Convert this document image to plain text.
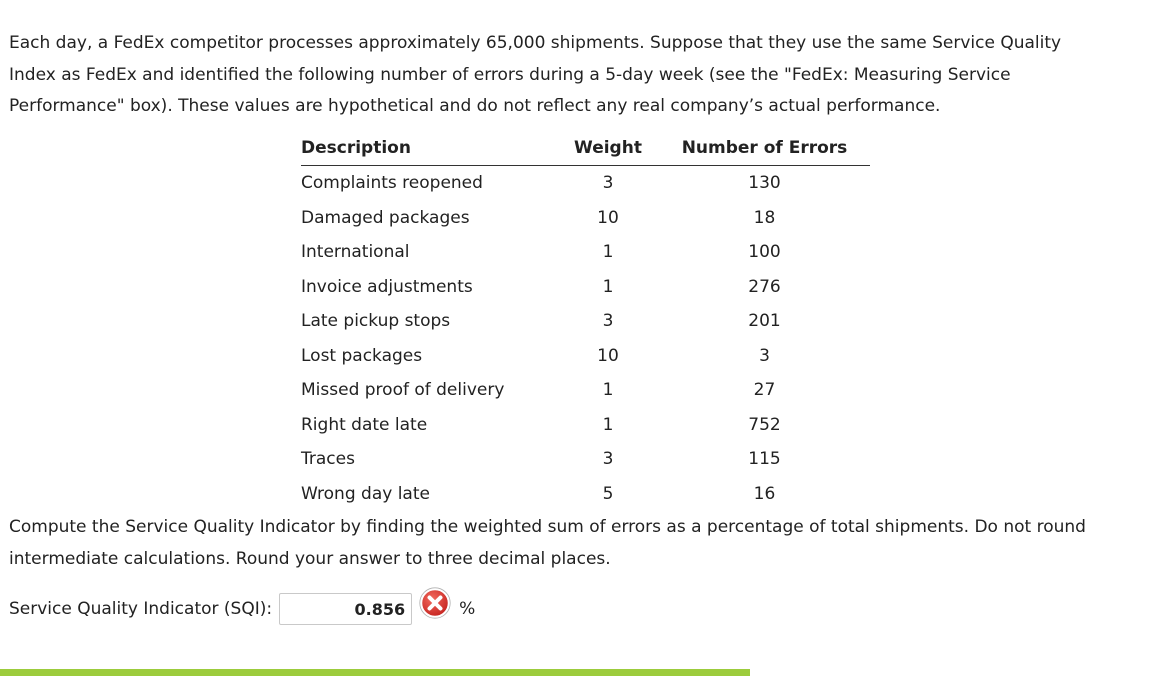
Each day, a FedEx competitor processes approximately 65,000 shipments. Suppose that they use the same Service Quality
Index as FedEx and identified the following number of errors during a 5-day week (see the "FedEx: Measuring Service
Performance" box). These values are hypothetical and do not reflect any real company’s actual performance.

Description	Weight	Number of Errors
Complaints reopened	3	130
Damaged packages	10	18
International	1	100
Invoice adjustments	1	276
Late pickup stops	3	201
Lost packages	10	3
Missed proof of delivery	1	27
Right date late	1	752
Traces	3	115
Wrong day late	5	16

Compute the Service Quality Indicator by finding the weighted sum of errors as a percentage of total shipments. Do not round
intermediate calculations. Round your answer to three decimal places.

Service Quality Indicator (SQI):
0.856	%
